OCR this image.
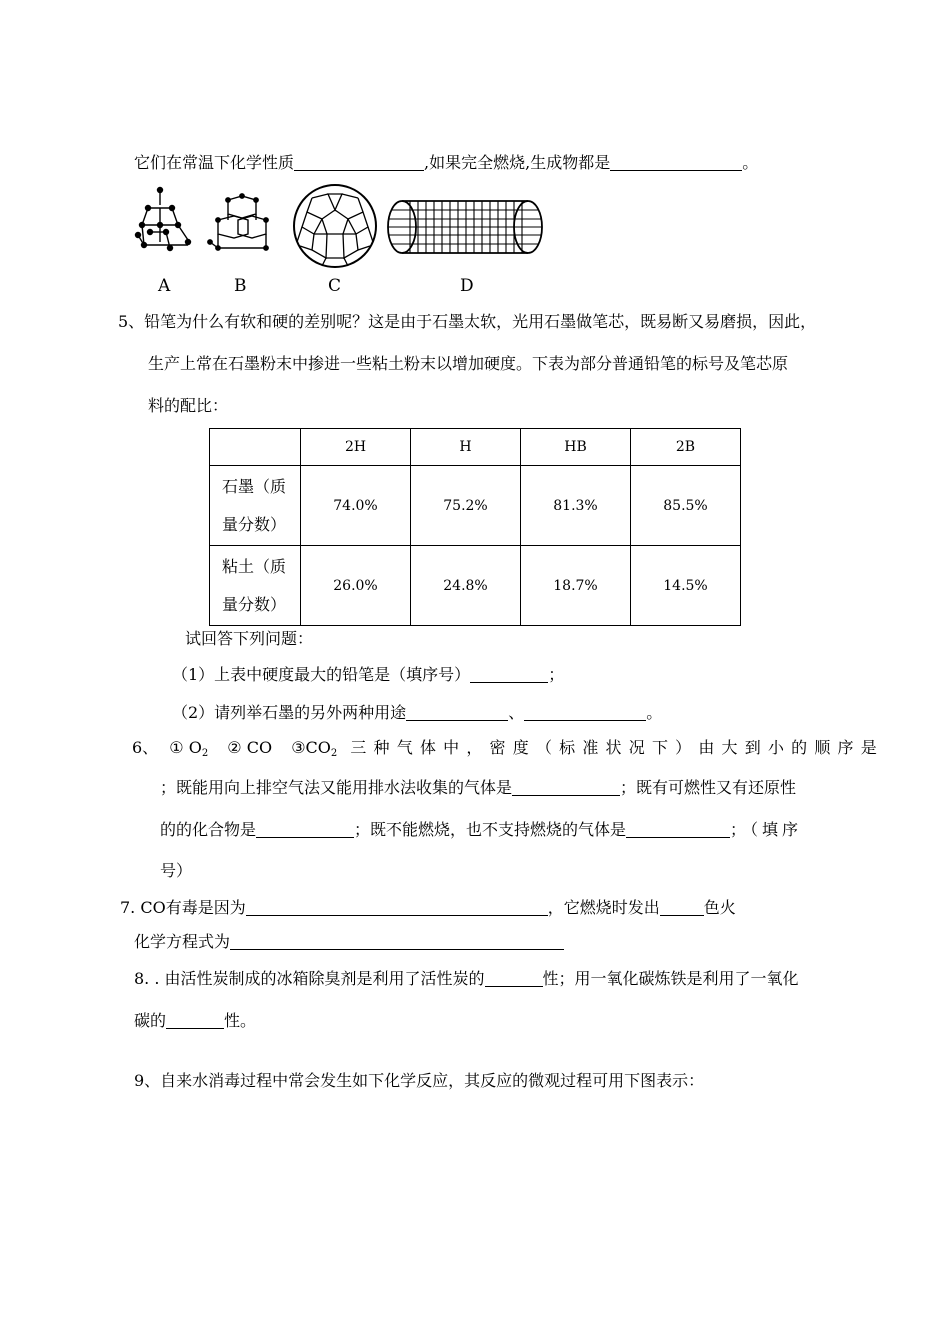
它们在常温下化学性质	,如果完全燃烧,生成物都是	。
A	B	C	D
5、铅笔为什么有软和硬的差别呢？这是由于石墨太软，光用石墨做笔芯，既易断又易磨损，因此，
生产上常在石墨粉末中掺进一些粘土粉末以增加硬度。下表为部分普通铅笔的标号及笔芯原
料的配比：
	2H	H	HB	2B
石墨（质
量分数）	74.0%	75.2%	81.3%	85.5%
粘土（质
量分数）	26.0%	24.8%	18.7%	14.5%
试回答下列问题：
（1）上表中硬度最大的铅笔是（填序号）	；
（2）请列举石墨的另外两种用途	、	。
6、 ① $O_2$ ② CO $③CO_2$ 三种气体中，密度（标准状况下）由大到小的顺序是
；既能用向上排空气法又能用排水法收集的气体是	；既有可燃性又有还原性
的的化合物是	；既不能燃烧，也不支持燃烧的气体是	；（填序
号）
7. CO有毒是因为	，它燃烧时发出	色火
化学方程式为
8. . 由活性炭制成的冰箱除臭剂是利用了活性炭的	性；用一氧化碳炼铁是利用了一氧化
碳的	性。
9、自来水消毒过程中常会发生如下化学反应，其反应的微观过程可用下图表示：
